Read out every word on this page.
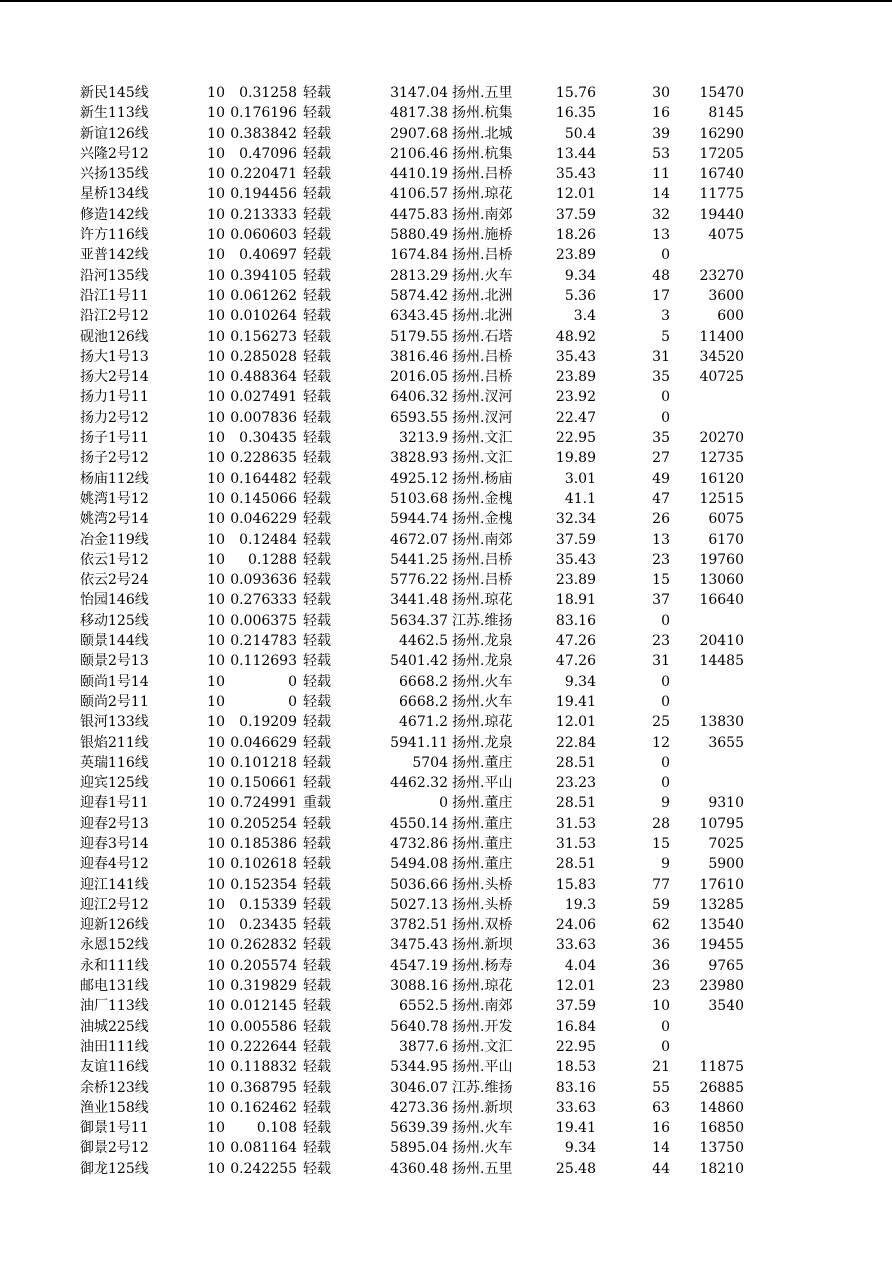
新民145线	10	0.31258 轻载	3147.04 扬州.五里	15.76	30	15470
新生113线	10 0.176196 轻载	4817.38 扬州.杭集	16.35	16	8145
新谊126线	10 0.383842 轻载	2907.68 扬州.北城	50.4	39	16290
兴隆2号12	10	0.47096 轻载	2106.46 扬州.杭集	13.44	53	17205
兴扬135线	10 0.220471 轻载	4410.19 扬州.吕桥	35.43	11	16740
星桥134线	10 0.194456 轻载	4106.57 扬州.琼花	12.01	14	11775
修造142线	10 0.213333 轻载	4475.83 扬州.南郊	37.59	32	19440
许方116线	10 0.060603 轻载	5880.49 扬州.施桥	18.26	13	4075
亚普142线	10	0.40697 轻载	1674.84 扬州.吕桥	23.89	0
沿河135线	10 0.394105 轻载	2813.29 扬州.火车	9.34	48	23270
沿江1号11	10 0.061262 轻载	5874.42 扬州.北洲	5.36	17	3600
沿江2号12	10 0.010264 轻载	6343.45 扬州.北洲	3.4	3	600
砚池126线	10 0.156273 轻载	5179.55 扬州.石塔	48.92	5	11400
扬大1号13	10 0.285028 轻载	3816.46 扬州.吕桥	35.43	31	34520
扬大2号14	10 0.488364 轻载	2016.05 扬州.吕桥	23.89	35	40725
扬力1号11	10 0.027491 轻载	6406.32 扬州.汊河	23.92	0
扬力2号12	10 0.007836 轻载	6593.55 扬州.汊河	22.47	0
扬子1号11	10	0.30435 轻载	3213.9 扬州.文汇	22.95	35	20270
扬子2号12	10 0.228635 轻载	3828.93 扬州.文汇	19.89	27	12735
杨庙112线	10 0.164482 轻载	4925.12 扬州.杨庙	3.01	49	16120
姚湾1号12	10 0.145066 轻载	5103.68 扬州.金槐	41.1	47	12515
姚湾2号14	10 0.046229 轻载	5944.74 扬州.金槐	32.34	26	6075
冶金119线	10	0.12484 轻载	4672.07 扬州.南郊	37.59	13	6170
依云1号12	10	0.1288 轻载	5441.25 扬州.吕桥	35.43	23	19760
依云2号24	10 0.093636 轻载	5776.22 扬州.吕桥	23.89	15	13060
怡园146线	10 0.276333 轻载	3441.48 扬州.琼花	18.91	37	16640
移动125线	10 0.006375 轻载	5634.37 江苏.维扬	83.16	0
颐景144线	10 0.214783 轻载	4462.5 扬州.龙泉	47.26	23	20410
颐景2号13	10 0.112693 轻载	5401.42 扬州.龙泉	47.26	31	14485
颐尚1号14	10	0 轻载	6668.2 扬州.火车	9.34	0
颐尚2号11	10	0 轻载	6668.2 扬州.火车	19.41	0
银河133线	10	0.19209 轻载	4671.2 扬州.琼花	12.01	25	13830
银焰211线	10 0.046629 轻载	5941.11 扬州.龙泉	22.84	12	3655
英瑞116线	10 0.101218 轻载	5704 扬州.董庄	28.51	0
迎宾125线	10 0.150661 轻载	4462.32 扬州.平山	23.23	0
迎春1号11	10 0.724991 重载	0 扬州.董庄	28.51	9	9310
迎春2号13	10 0.205254 轻载	4550.14 扬州.董庄	31.53	28	10795
迎春3号14	10 0.185386 轻载	4732.86 扬州.董庄	31.53	15	7025
迎春4号12	10 0.102618 轻载	5494.08 扬州.董庄	28.51	9	5900
迎江141线	10 0.152354 轻载	5036.66 扬州.头桥	15.83	77	17610
迎江2号12	10	0.15339 轻载	5027.13 扬州.头桥	19.3	59	13285
迎新126线	10	0.23435 轻载	3782.51 扬州.双桥	24.06	62	13540
永恩152线	10 0.262832 轻载	3475.43 扬州.新坝	33.63	36	19455
永和111线	10 0.205574 轻载	4547.19 扬州.杨寿	4.04	36	9765
邮电131线	10 0.319829 轻载	3088.16 扬州.琼花	12.01	23	23980
油厂113线	10 0.012145 轻载	6552.5 扬州.南郊	37.59	10	3540
油城225线	10 0.005586 轻载	5640.78 扬州.开发	16.84	0
油田111线	10 0.222644 轻载	3877.6 扬州.文汇	22.95	0
友谊116线	10 0.118832 轻载	5344.95 扬州.平山	18.53	21	11875
余桥123线	10 0.368795 轻载	3046.07 江苏.维扬	83.16	55	26885
渔业158线	10 0.162462 轻载	4273.36 扬州.新坝	33.63	63	14860
御景1号11	10	0.108 轻载	5639.39 扬州.火车	19.41	16	16850
御景2号12	10 0.081164 轻载	5895.04 扬州.火车	9.34	14	13750
御龙125线	10 0.242255 轻载	4360.48 扬州.五里	25.48	44	18210
